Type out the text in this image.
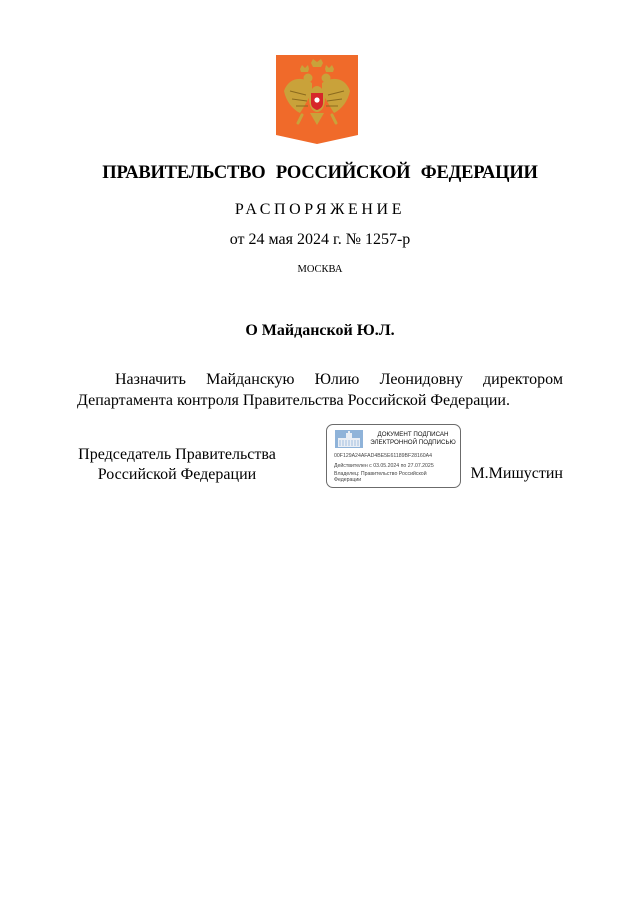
ПРАВИТЕЛЬСТВО РОССИЙСКОЙ ФЕДЕРАЦИИ
РАСПОРЯЖЕНИЕ
от 24 мая 2024 г. № 1257-р
МОСКВА
О Майданской Ю.Л.
Назначить Майданскую Юлию Леонидовну директором
Департамента контроля Правительства Российской Федерации.
Председатель Правительства
Российской Федерации
ДОКУМЕНТ ПОДПИСАН
ЭЛЕКТРОННОЙ ПОДПИСЬЮ
00F129A24AFAD4BE5E61189BF28160A4
Действителен с 03.05.2024 по 27.07.2025
Владелец: Правительство Российской Федерации	М.Мишустин
